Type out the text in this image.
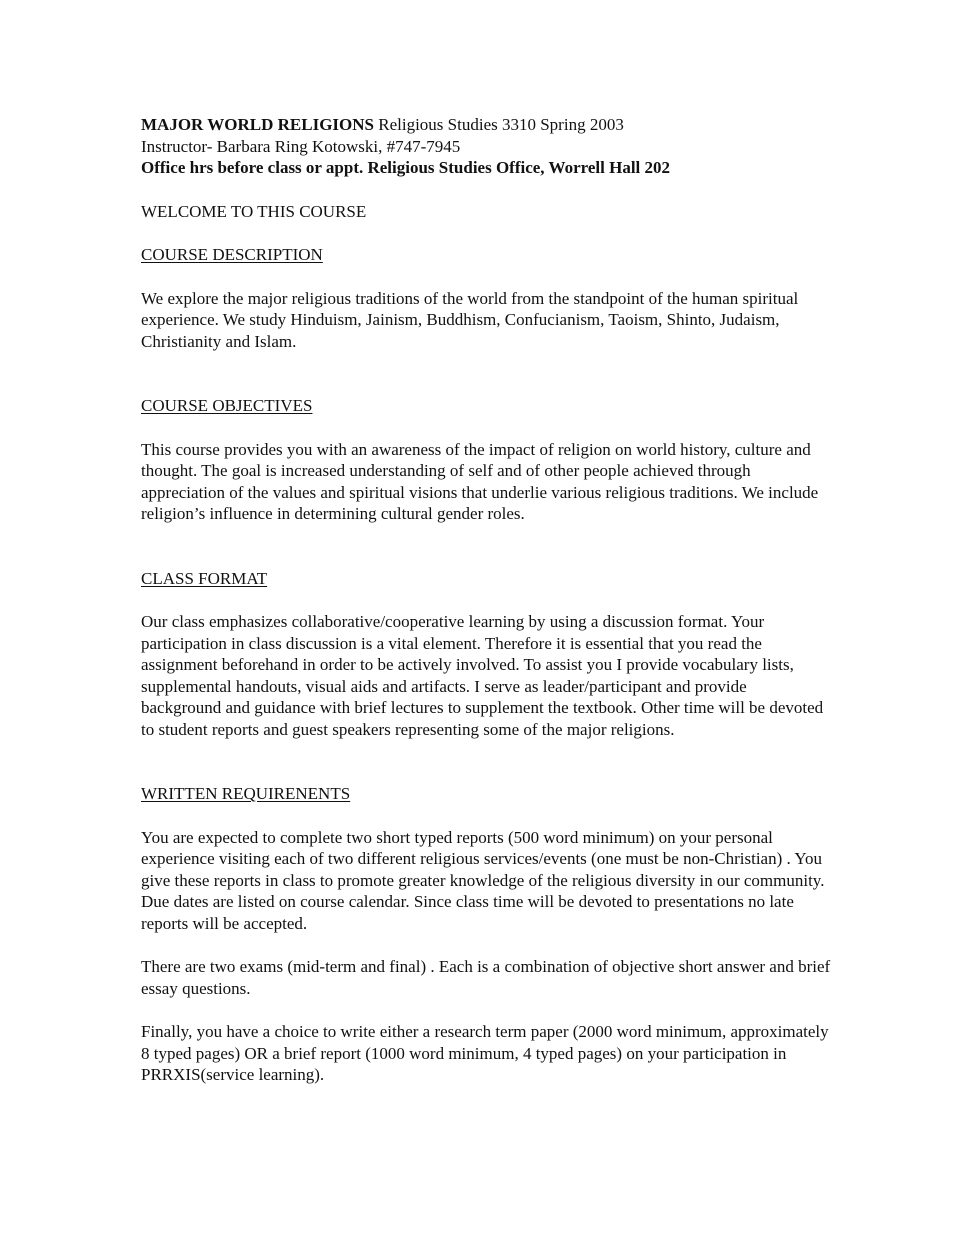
MAJOR WORLD RELIGIONS Religious Studies 3310 Spring 2003

Instructor- Barbara Ring Kotowski, #747-7945

Office hrs before class or appt. Religious Studies Office, Worrell Hall 202

WELCOME TO THIS COURSE

COURSE DESCRIPTION

We explore the major religious traditions of the world from the standpoint of the human spiritual experience. We study Hinduism, Jainism, Buddhism, Confucianism, Taoism, Shinto, Judaism, Christianity and Islam.

COURSE OBJECTIVES

This course provides you with an awareness of the impact of religion on world history, culture and thought. The goal is increased understanding of self and of other people achieved through appreciation of the values and spiritual visions that underlie various religious traditions. We include religion’s influence in determining cultural gender roles.

CLASS FORMAT

Our class emphasizes collaborative/cooperative learning by using a discussion format. Your participation in class discussion is a vital element. Therefore it is essential that you read the assignment beforehand in order to be actively involved. To assist you I provide vocabulary lists, supplemental handouts, visual aids and artifacts. I serve as leader/participant and provide background and guidance with brief lectures to supplement the textbook. Other time will be devoted to student reports and guest speakers representing some of the major religions.

WRITTEN REQUIRENENTS

You are expected to complete two short typed reports (500 word minimum) on your personal experience visiting each of two different religious services/events (one must be non-Christian) . You give these reports in class to promote greater knowledge of the religious diversity in our community. Due dates are listed on course calendar. Since class time will be devoted to presentations no late reports will be accepted.

There are two exams (mid-term and final) . Each is a combination of objective short answer and brief essay questions.

Finally, you have a choice to write either a research term paper (2000 word minimum, approximately 8 typed pages) OR a brief report (1000 word minimum, 4 typed pages) on your participation in PRRXIS(service learning).
